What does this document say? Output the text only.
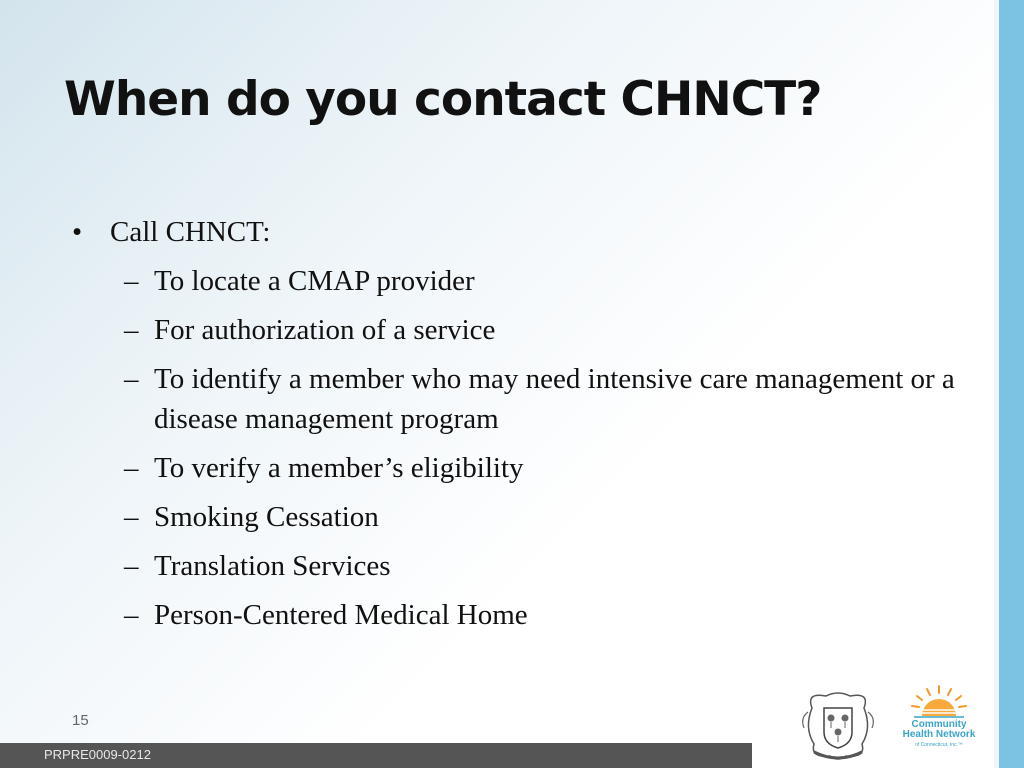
When do you contact CHNCT?
• Call CHNCT:
– To locate a CMAP provider
– For authorization of a service
– To identify a member who may need intensive care management or a disease management program
– To verify a member’s eligibility
– Smoking Cessation
– Translation Services
– Person-Centered Medical Home
15
PRPRE0009-0212
Community
Health Network
of Connecticut, Inc.™
